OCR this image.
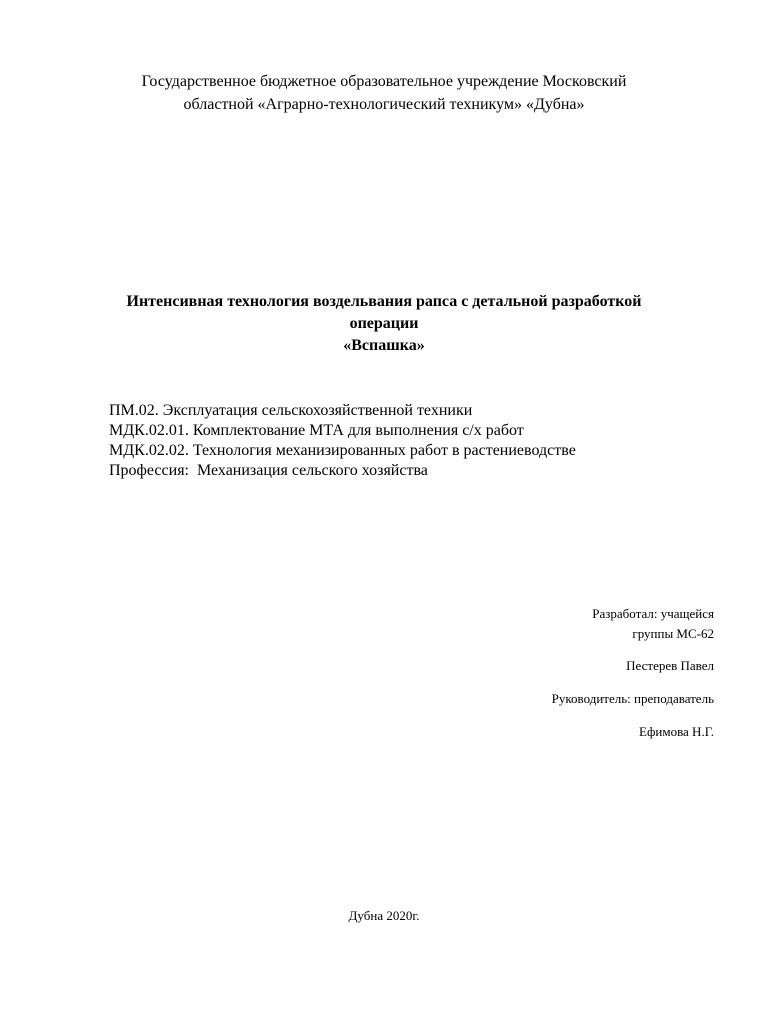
Государственное бюджетное образовательное учреждение Московский
областной «Аграрно-технологический техникум» «Дубна»
Интенсивная технология воздельвания рапса с детальной разработкой
операции
«Вспашка»
ПМ.02. Эксплуатация сельскохозяйственной техники
МДК.02.01. Комплектование МТА для выполнения с/х работ
МДК.02.02. Технология механизированных работ в растениеводстве
Профессия:  Механизация сельского хозяйства
Разработал: учащейся
группы МС-62
Пестерев Павел
Руководитель: преподаватель
Ефимова Н.Г.
Дубна 2020г.
